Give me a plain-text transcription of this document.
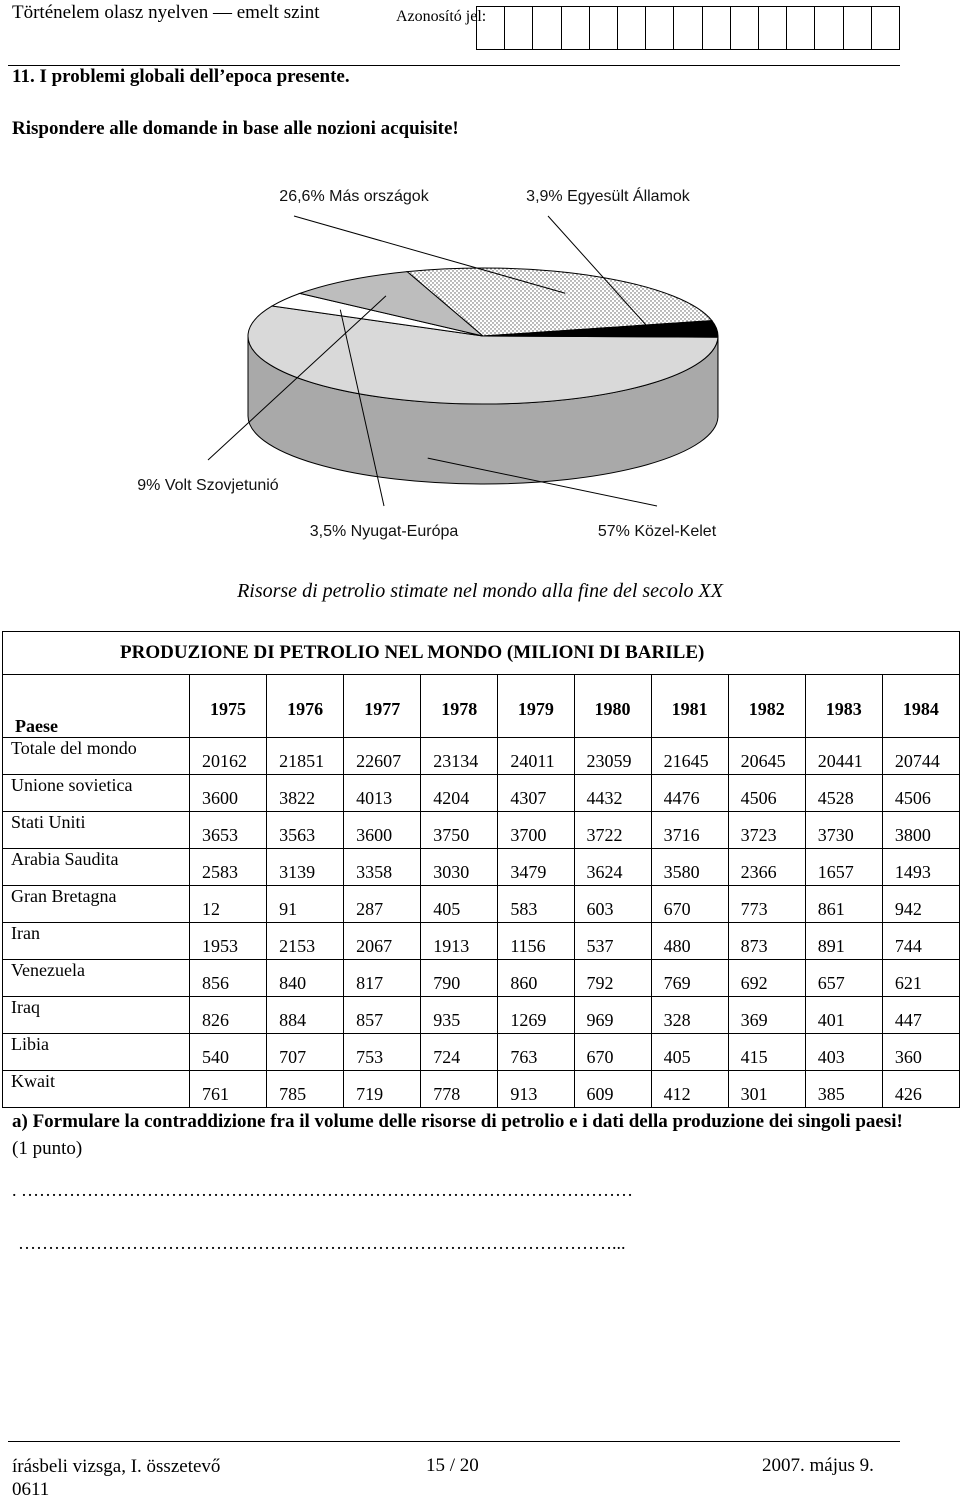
Történelem olasz nyelven — emelt szint	Azonosító jel:
11. I problemi globali dell’epoca presente.
Rispondere alle domande in base alle nozioni acquisite!
57% Közel-Kelet
3,5% Nyugat-Európa
9% Volt Szovjetunió
26,6% Más országok	3,9% Egyesült Államok
Risorse di petrolio stimate nel mondo alla fine del secolo XX
PRODUZIONE DI PETROLIO NEL MONDO (MILIONI DI BARILE)										
Paese	1975	1976	1977	1978	1979	1980	1981	1982	1983	1984
Totale del mondo	20162	21851	22607	23134	24011	23059	21645	20645	20441	20744
Unione sovietica	3600	3822	4013	4204	4307	4432	4476	4506	4528	4506
Stati Uniti	3653	3563	3600	3750	3700	3722	3716	3723	3730	3800
Arabia Saudita	2583	3139	3358	3030	3479	3624	3580	2366	1657	1493
Gran Bretagna	12	91	287	405	583	603	670	773	861	942
Iran	1953	2153	2067	1913	1156	537	480	873	891	744
Venezuela	856	840	817	790	860	792	769	692	657	621
Iraq	826	884	857	935	1269	969	328	369	401	447
Libia	540	707	753	724	763	670	405	415	403	360
Kwait	761	785	719	778	913	609	412	301	385	426
a) Formulare la contraddizione fra il volume delle risorse di petrolio e i dati della produzione dei singoli paesi! (1 punto)
. …………………………………………………………………………………………
………………………………………………………………………………………...
írásbeli vizsga, I. összetevő
0611
15 / 20	2007. május 9.
